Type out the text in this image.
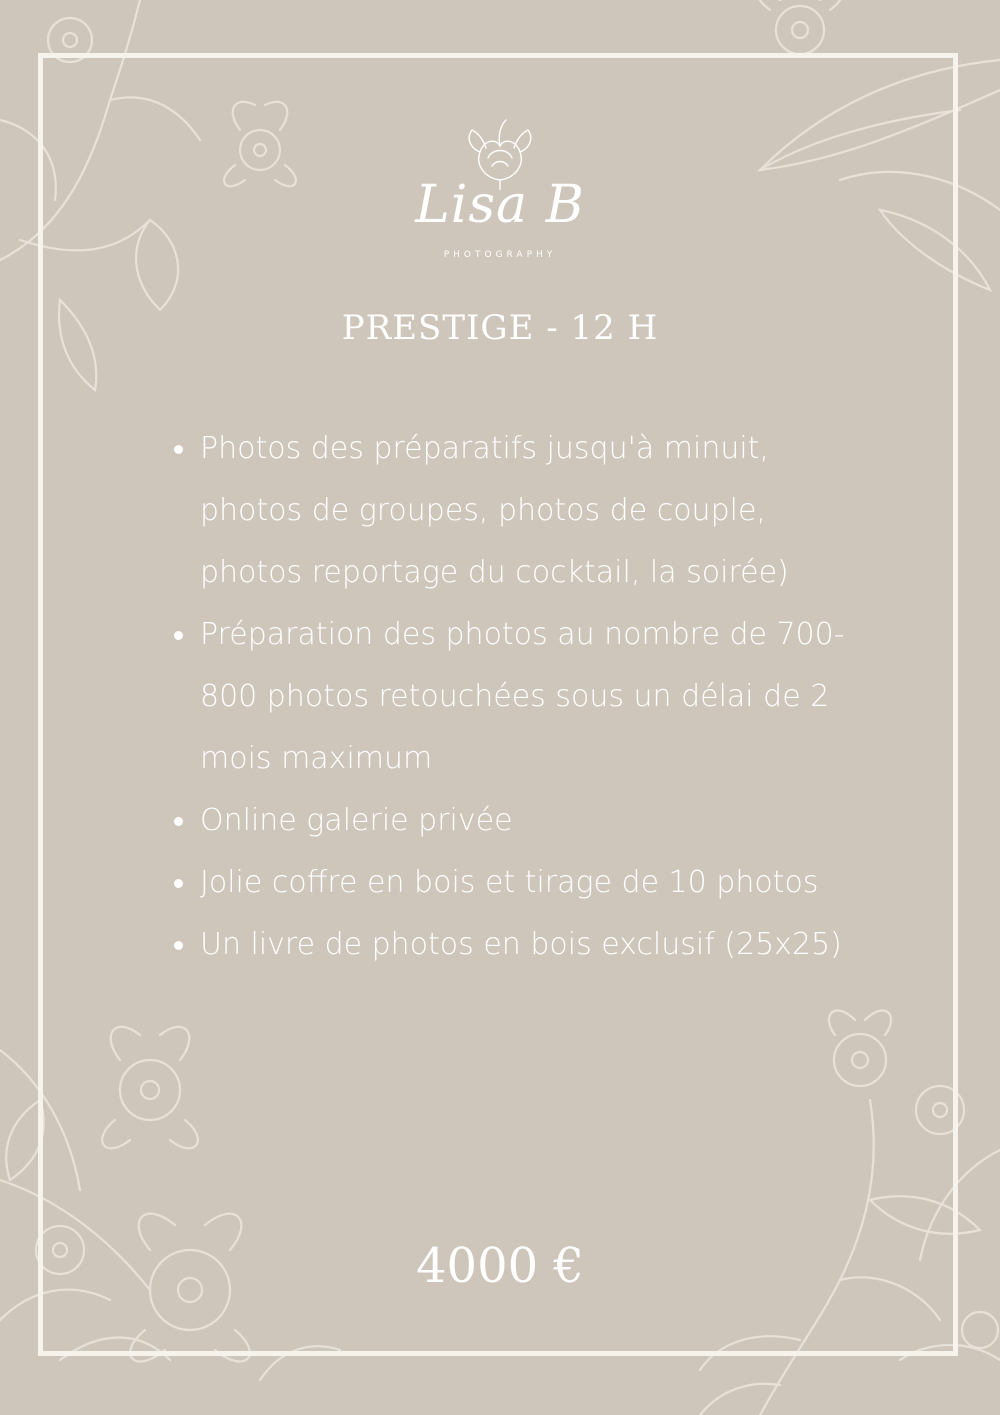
Lisa B
PHOTOGRAPHY
PRESTIGE - 12 H
Photos des préparatifs jusqu'à minuit, photos de groupes, photos de couple, photos reportage du cocktail, la soirée)
Préparation des photos au nombre de 700-800 photos retouchées sous un délai de 2 mois maximum
Online galerie privée
Jolie coffre en bois et tirage de 10 photos
Un livre de photos en bois exclusif (25x25)
4000 €
